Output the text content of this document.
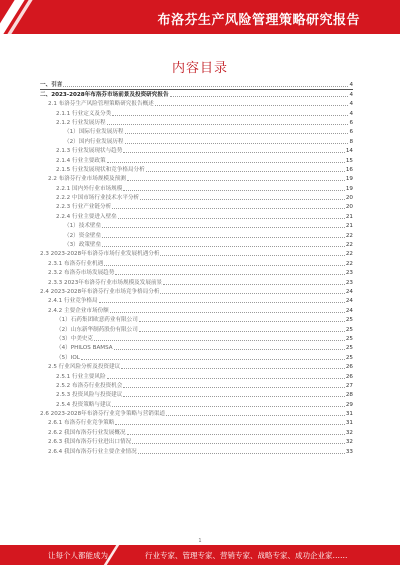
布洛芬生产风险管理策略研究报告
内容目录
一、引言	4
二、2023-2028年布洛芬市场前景及投资研究报告	4
2.1 布洛芬生产风险管理策略研究报告概述	4
2.1.1 行业定义及分类	4
2.1.2 行业发展历程	6
（1）国际行业发展历程	6
（2）国内行业发展历程	8
2.1.3 行业发展现状与趋势	14
2.1.4 行业主要政策	15
2.1.5 行业发展现状和竞争格局分析	16
2.2 布洛芬行业市场规模及预测	19
2.2.1 国内外行业市场规模	19
2.2.2 中国市场行业技术水平分析	20
2.2.3 行业产业链分析	20
2.2.4 行业主要进入壁垒	21
（1）技术壁垒	21
（2）资金壁垒	22
（3）政策壁垒	22
2.3 2023-2028年布洛芬市场行业发展机遇分析	22
2.3.1 布洛芬行业机遇	22
2.3.2 布洛芬市场发展趋势	23
2.3.3 2023年布洛芬行业市场规模及发展前景	23
2.4 2023-2028年布洛芬行业市场竞争格局分析	24
2.4.1 行业竞争格局	24
2.4.2 主要企业市场份额	24
（1）石药集团欧意药业有限公司	25
（2）山东新华制药股份有限公司	25
（3）中美史克	25
（4）PHILOS BAMSA	25
（5）IOL	25
2.5 行业风险分析及投资建议	26
2.5.1 行业主要风险	26
2.5.2 布洛芬行业投资机会	27
2.5.3 投资风险与投资建议	28
2.5.4 投资策略与建议	29
2.6 2023-2028年布洛芬行业竞争策略与营销渠道	31
2.6.1 布洛芬行业竞争策略	31
2.6.2 我国布洛芬行业发展概况	32
2.6.3 我国布洛芬行业进出口情况	32
2.6.4 我国布洛芬行业主要企业情况	33
1
让每个人都能成为	行业专家、管理专家、营销专家、战略专家、成功企业家……
